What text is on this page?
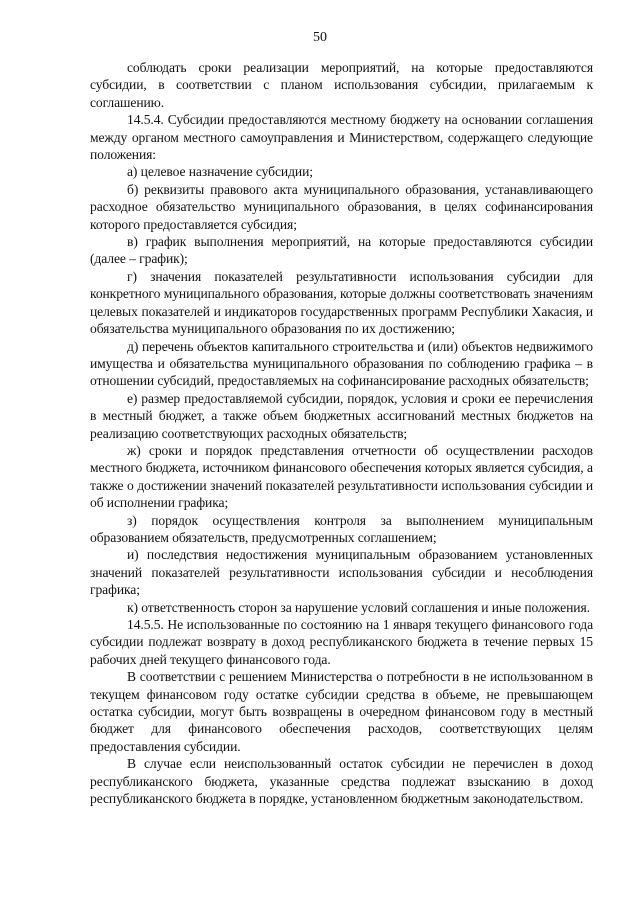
50

соблюдать сроки реализации мероприятий, на которые предоставляются субсидии, в соответствии с планом использования субсидии, прилагаемым к соглашению.

14.5.4. Субсидии предоставляются местному бюджету на основании соглашения между органом местного самоуправления и Министерством, содержащего следующие положения:

а) целевое назначение субсидии;

б) реквизиты правового акта муниципального образования, устанавливающего расходное обязательство муниципального образования, в целях софинансирования которого предоставляется субсидия;

в) график выполнения мероприятий, на которые предоставляются субсидии (далее – график);

г) значения показателей результативности использования субсидии для конкретного муниципального образования, которые должны соответствовать значениям целевых показателей и индикаторов государственных программ Республики Хакасия, и обязательства муниципального образования по их достижению;

д) перечень объектов капитального строительства и (или) объектов недвижимого имущества и обязательства муниципального образования по соблюдению графика – в отношении субсидий, предоставляемых на софинансирование расходных обязательств;

е) размер предоставляемой субсидии, порядок, условия и сроки ее перечисления в местный бюджет, а также объем бюджетных ассигнований местных бюджетов на реализацию соответствующих расходных обязательств;

ж) сроки и порядок представления отчетности об осуществлении расходов местного бюджета, источником финансового обеспечения которых является субсидия, а также о достижении значений показателей результативности использования субсидии и об исполнении графика;

з) порядок осуществления контроля за выполнением муниципальным образованием обязательств, предусмотренных соглашением;

и) последствия недостижения муниципальным образованием установленных значений показателей результативности использования субсидии и несоблюдения графика;

к) ответственность сторон за нарушение условий соглашения и иные положения.

14.5.5. Не использованные по состоянию на 1 января текущего финансового года субсидии подлежат возврату в доход республиканского бюджета в течение первых 15 рабочих дней текущего финансового года.

В соответствии с решением Министерства о потребности в не использованном в текущем финансовом году остатке субсидии средства в объеме, не превышающем остатка субсидии, могут быть возвращены в очередном финансовом году в местный бюджет для финансового обеспечения расходов, соответствующих целям предоставления субсидии.

В случае если неиспользованный остаток субсидии не перечислен в доход республиканского бюджета, указанные средства подлежат взысканию в доход республиканского бюджета в порядке, установленном бюджетным законодательством.
